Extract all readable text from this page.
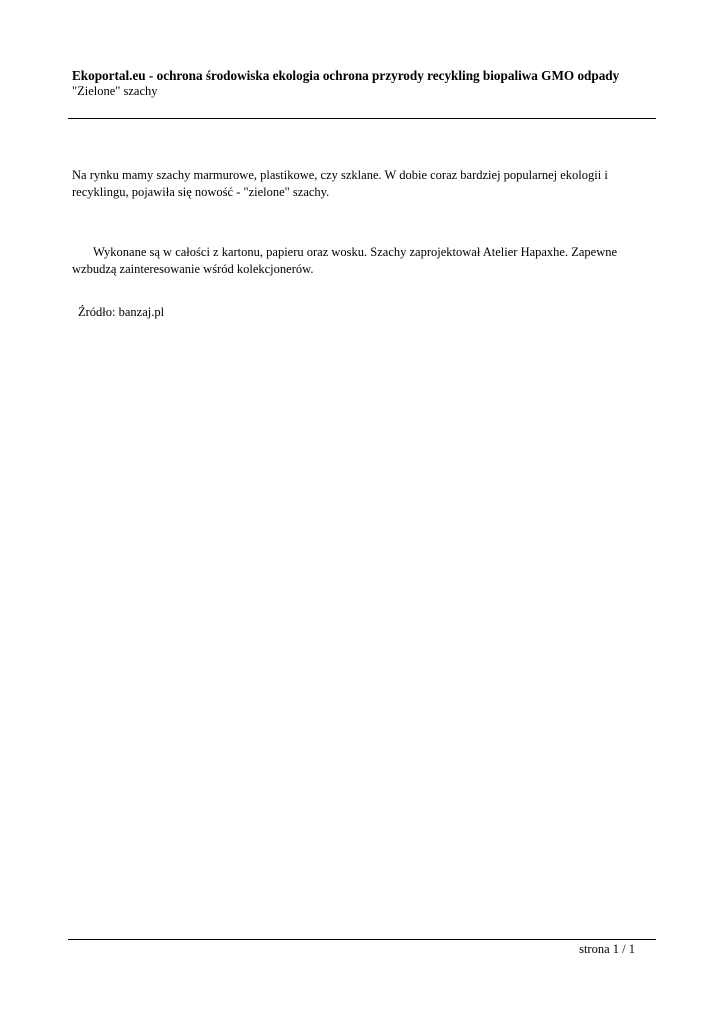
Ekoportal.eu - ochrona środowiska ekologia ochrona przyrody recykling biopaliwa GMO odpady
"Zielone" szachy
Na rynku mamy szachy marmurowe, plastikowe, czy szklane. W dobie coraz bardziej popularnej ekologii i recyklingu, pojawiła się nowość - "zielone" szachy.
Wykonane są w całości z kartonu, papieru oraz wosku. Szachy zaprojektował Atelier Hapaxhe. Zapewne wzbudzą zainteresowanie wśród kolekcjonerów.
Źródło: banzaj.pl
strona 1 / 1
